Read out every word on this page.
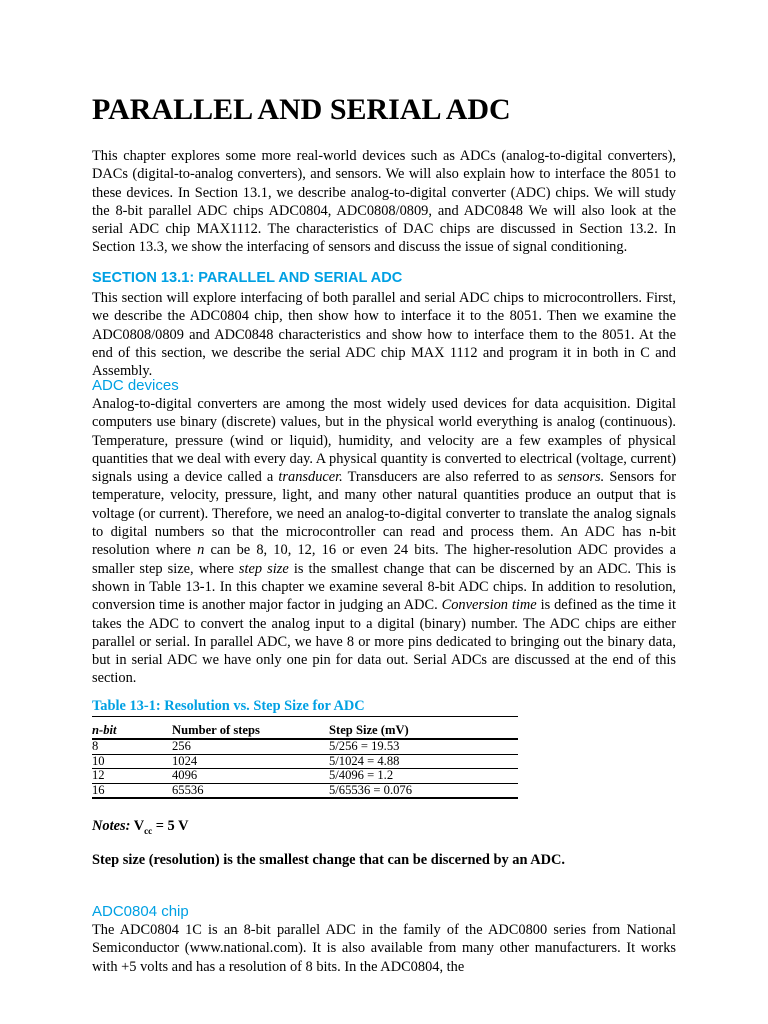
PARALLEL AND SERIAL ADC

This chapter explores some more real-world devices such as ADCs (analog-to-digital converters), DACs (digital-to-analog converters), and sensors. We will also explain how to interface the 8051 to these devices. In Section 13.1, we describe analog-to-digital converter (ADC) chips. We will study the 8-bit parallel ADC chips ADC0804, ADC0808/0809, and ADC0848 We will also look at the serial ADC chip MAX1112. The characteristics of DAC chips are discussed in Section 13.2. In Section 13.3, we show the interfacing of sensors and discuss the issue of signal conditioning.

SECTION 13.1: PARALLEL AND SERIAL ADC

This section will explore interfacing of both parallel and serial ADC chips to microcontrollers. First, we describe the ADC0804 chip, then show how to interface it to the 8051. Then we examine the ADC0808/0809 and ADC0848 characteristics and show how to interface them to the 8051. At the end of this section, we describe the serial ADC chip MAX 1112 and program it in both in C and Assembly.

ADC devices

Analog-to-digital converters are among the most widely used devices for data acquisition. Digital computers use binary (discrete) values, but in the physical world everything is analog (continuous). Temperature, pressure (wind or liquid), humidity, and velocity are a few examples of physical quantities that we deal with every day. A physical quantity is converted to electrical (voltage, current) signals using a device called a transducer. Transducers are also referred to as sensors. Sensors for temperature, velocity, pressure, light, and many other natural quantities produce an output that is voltage (or current). Therefore, we need an analog-to-digital converter to translate the analog signals to digital numbers so that the microcontroller can read and process them. An ADC has n-bit resolution where n can be 8, 10, 12, 16 or even 24 bits. The higher-resolution ADC provides a smaller step size, where step size is the smallest change that can be discerned by an ADC. This is shown in Table 13-1. In this chapter we examine several 8-bit ADC chips. In addition to resolution, conversion time is another major factor in judging an ADC. Conversion time is defined as the time it takes the ADC to convert the analog input to a digital (binary) number. The ADC chips are either parallel or serial. In parallel ADC, we have 8 or more pins dedicated to bringing out the binary data, but in serial ADC we have only one pin for data out. Serial ADCs are discussed at the end of this section.

Table 13-1: Resolution vs. Step Size for ADC

n-bit	Number of steps	Step Size (mV)
8	256	5/256 = 19.53
10	1024	5/1024 = 4.88
12	4096	5/4096 = 1.2
16	65536	5/65536 = 0.076

Notes: $V_{cc} = 5$ V

Step size (resolution) is the smallest change that can be discerned by an ADC.

ADC0804 chip

The ADC0804 1C is an 8-bit parallel ADC in the family of the ADC0800 series from National Semiconductor (www.national.com). It is also available from many other manufacturers. It works with +5 volts and has a resolution of 8 bits. In the ADC0804, the
